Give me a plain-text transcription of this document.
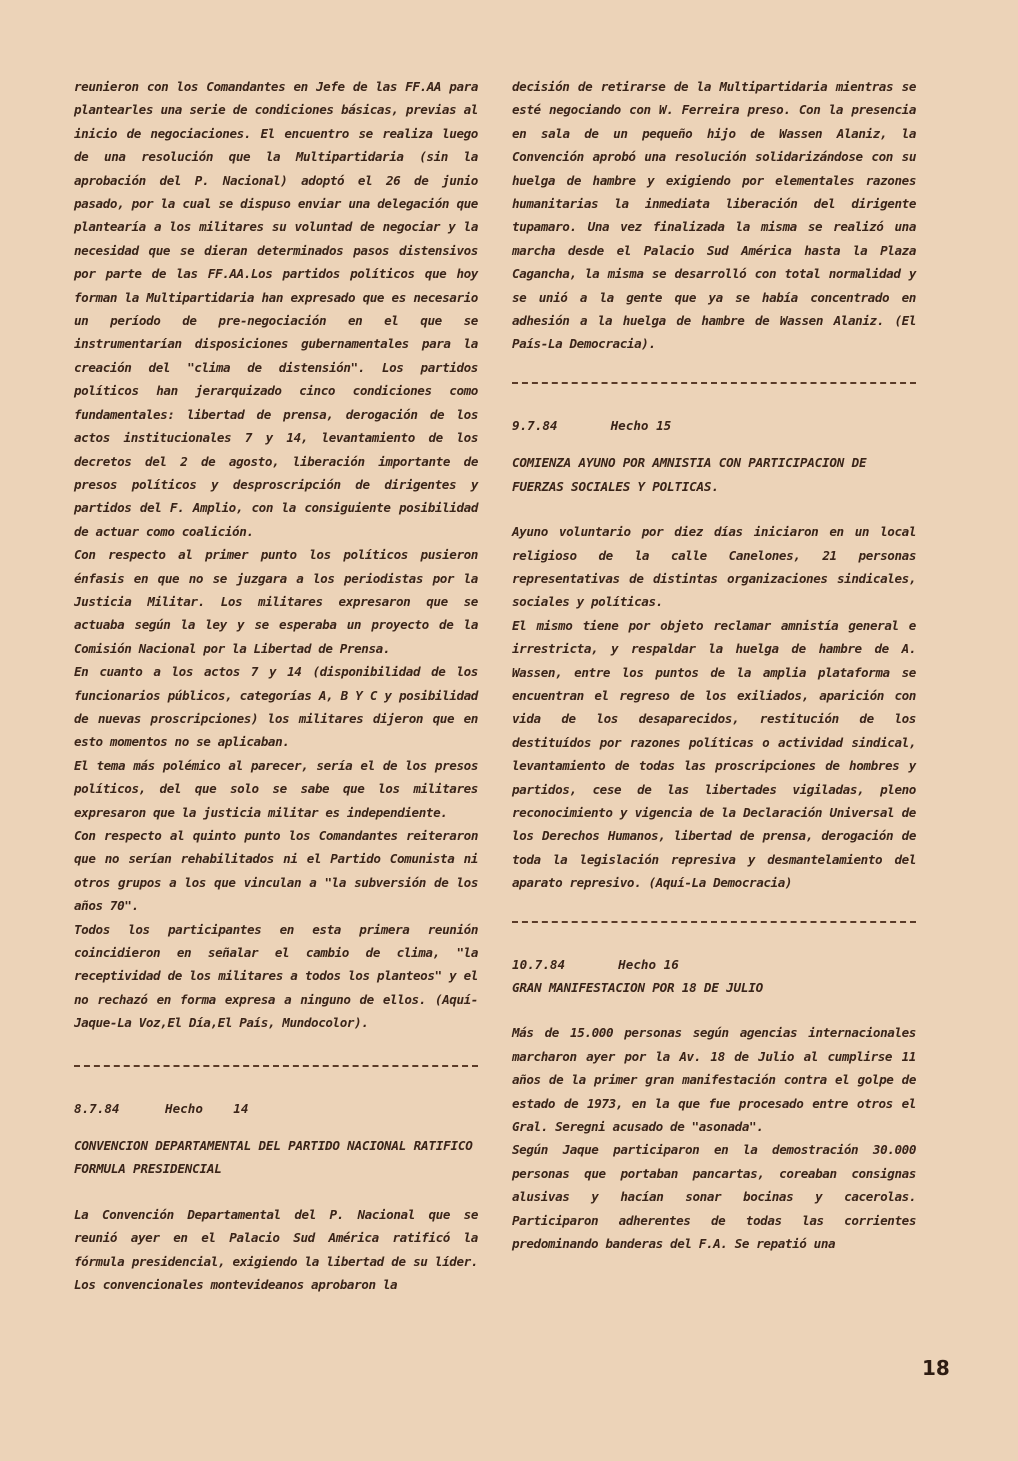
reunieron con los Comandantes en Jefe de las FF.AA para plantearles una serie de condiciones básicas, previas al inicio de negociaciones. El encuentro se realiza luego de una resolución que la Multipartidaria (sin la aprobación del P. Nacional) adoptó el 26 de junio pasado, por la cual se dispuso enviar una delegación que plantearía a los militares su voluntad de negociar y la necesidad que se dieran determinados pasos distensivos por parte de las FF.AA.Los partidos políticos que hoy forman la Multipartidaria han expresado que es necesario un período de pre-negociación en el que se instrumentarían disposiciones gubernamentales para la creación del "clima de distensión". Los partidos políticos han jerarquizado cinco condiciones como fundamentales: libertad de prensa, derogación de los actos institucionales 7 y 14, levantamiento de los decretos del 2 de agosto, liberación importante de presos políticos y desproscripción de dirigentes y partidos del F. Amplio, con la consiguiente posibilidad de actuar como coalición.

Con respecto al primer punto los políticos pusieron énfasis en que no se juzgara a los periodistas por la Justicia Militar. Los militares expresaron que se actuaba según la ley y se esperaba un proyecto de la Comisión Nacional por la Libertad de Prensa.

En cuanto a los actos 7 y 14 (disponibilidad de los funcionarios públicos, categorías A, B Y C y posibilidad de nuevas proscripciones) los militares dijeron que en esto momentos no se aplicaban.

El tema más polémico al parecer, sería el de los presos políticos, del que solo se sabe que los militares expresaron que la justicia militar es independiente.

Con respecto al quinto punto los Comandantes reiteraron que no serían rehabilitados ni el Partido Comunista ni otros grupos a los que vinculan a "la subversión de los años 70".

Todos los participantes en esta primera reunión coincidieron en señalar el cambio de clima, "la receptividad de los militares a todos los planteos" y el no rechazó en forma expresa a ninguno de ellos. (Aquí-Jaque-La Voz,El Día,El País, Mundocolor).

8.7.84	Hecho 14
CONVENCION DEPARTAMENTAL DEL PARTIDO NACIONAL RATIFICO FORMULA PRESIDENCIAL

La Convención Departamental del P. Nacional que se reunió ayer en el Palacio Sud América ratificó la fórmula presidencial, exigiendo la libertad de su líder. Los convencionales montevideanos aprobaron la

decisión de retirarse de la Multipartidaria mientras se esté negociando con W. Ferreira preso. Con la presencia en sala de un pequeño hijo de Wassen Alaniz, la Convención aprobó una resolución solidarizándose con su huelga de hambre y exigiendo por elementales razones humanitarias la inmediata liberación del dirigente tupamaro. Una vez finalizada la misma se realizó una marcha desde el Palacio Sud América hasta la Plaza Cagancha, la misma se desarrolló con total normalidad y se unió a la gente que ya se había concentrado en adhesión a la huelga de hambre de Wassen Alaniz. (El País-La Democracia).

9.7.84	Hecho 15
COMIENZA AYUNO POR AMNISTIA CON PARTICIPACION DE FUERZAS SOCIALES Y POLTICAS.

Ayuno voluntario por diez días iniciaron en un local religioso de la calle Canelones, 21 personas representativas de distintas organizaciones sindicales, sociales y políticas.

El mismo tiene por objeto reclamar amnistía general e irrestricta, y respaldar la huelga de hambre de A. Wassen, entre los puntos de la amplia plataforma se encuentran el regreso de los exiliados, aparición con vida de los desaparecidos, restitución de los destituídos por razones políticas o actividad sindical, levantamiento de todas las proscripciones de hombres y partidos, cese de las libertades vigiladas, pleno reconocimiento y vigencia de la Declaración Universal de los Derechos Humanos, libertad de prensa, derogación de toda la legislación represiva y desmantelamiento del aparato represivo. (Aquí-La Democracia)

10.7.84	Hecho 16
GRAN MANIFESTACION POR 18 DE JULIO

Más de 15.000 personas según agencias internacionales marcharon ayer por la Av. 18 de Julio al cumplirse 11 años de la primer gran manifestación contra el golpe de estado de 1973, en la que fue procesado entre otros el Gral. Seregni acusado de "asonada".

Según Jaque participaron en la demostración 30.000 personas que portaban pancartas, coreaban consignas alusivas y hacían sonar bocinas y cacerolas. Participaron adherentes de todas las corrientes predominando banderas del F.A. Se repatió una

18
